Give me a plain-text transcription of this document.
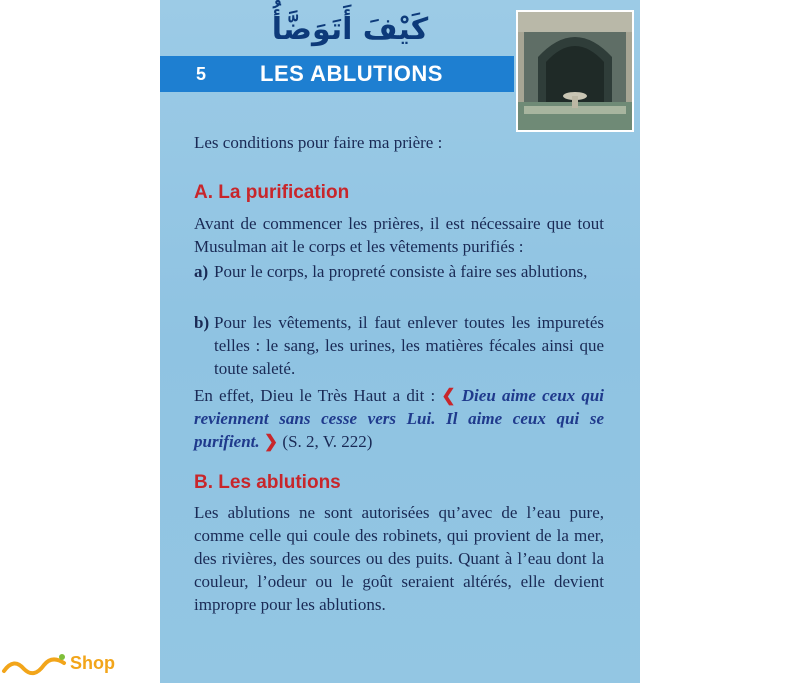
كَيْفَ أَتَوَضَّأُ
5 LES ABLUTIONS
Les conditions pour faire ma prière :
A. La purification

Avant de commencer les prières, il est nécessaire que tout Musulman ait le corps et les vêtements purifiés :

a) Pour le corps, la propreté consiste à faire ses ablutions,
b) Pour les vêtements, il faut enlever toutes les impuretés telles : le sang, les urines, les matières fécales ainsi que toute saleté.

En effet, Dieu le Très Haut a dit : ❮ Dieu aime ceux qui reviennent sans cesse vers Lui. Il aime ceux qui se purifient. ❯ (S. 2, V. 222)

B. Les ablutions

Les ablutions ne sont autorisées qu’avec de l’eau pure, comme celle qui coule des robinets, qui provient de la mer, des rivières, des sources ou des puits. Quant à l’eau dont la couleur, l’odeur ou le goût seraient altérés, elle devient impropre pour les ablutions.

Shop
